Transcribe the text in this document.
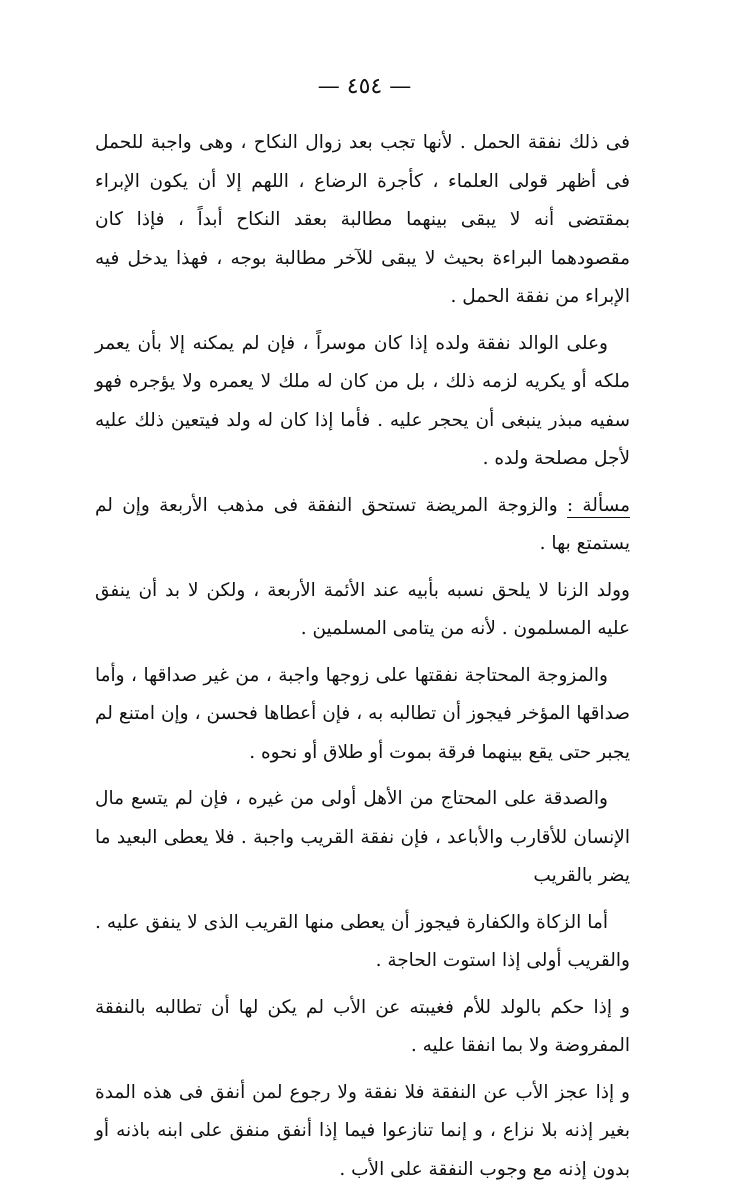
— ٤٥٤ —

فى ذلك نفقة الحمل . لأنها تجب بعد زوال النكاح ، وهى واجبة للحمل فى أظهر قولى العلماء ، كأجرة الرضاع ، اللهم إلا أن يكون الإبراء بمقتضى أنه لا يبقى بينهما مطالبة بعقد النكاح أبداً ، فإذا كان مقصودهما البراءة بحيث لا يبقى للآخر مطالبة بوجه ، فهذا يدخل فيه الإبراء من نفقة الحمل .

وعلى الوالد نفقة ولده إذا كان موسراً ، فإن لم يمكنه إلا بأن يعمر ملكه أو يكريه لزمه ذلك ، بل من كان له ملك لا يعمره ولا يؤجره فهو سفيه مبذر ينبغى أن يحجر عليه . فأما إذا كان له ولد فيتعين ذلك عليه لأجل مصلحة ولده .

مسألة : والزوجة المريضة تستحق النفقة فى مذهب الأربعة وإن لم يستمتع بها .

وولد الزنا لا يلحق نسبه بأبيه عند الأئمة الأربعة ، ولكن لا بد أن ينفق عليه المسلمون . لأنه من يتامى المسلمين .

والمزوجة المحتاجة نفقتها على زوجها واجبة ، من غير صداقها ، وأما صداقها المؤخر فيجوز أن تطالبه به ، فإن أعطاها فحسن ، وإن امتنع لم يجبر حتى يقع بينهما فرقة بموت أو طلاق أو نحوه .

والصدقة على المحتاج من الأهل أولى من غيره ، فإن لم يتسع مال الإنسان للأقارب والأباعد ، فإن نفقة القريب واجبة . فلا يعطى البعيد ما يضر بالقريب

أما الزكاة والكفارة فيجوز أن يعطى منها القريب الذى لا ينفق عليه . والقريب أولى إذا استوت الحاجة .

و إذا حكم بالولد للأم فغيبته عن الأب لم يكن لها أن تطالبه بالنفقة المفروضة ولا بما انفقا عليه .

و إذا عجز الأب عن النفقة فلا نفقة ولا رجوع لمن أنفق فى هذه المدة بغير إذنه بلا نزاع ، و إنما تنازعوا فيما إذا أنفق منفق على ابنه باذنه أو بدون إذنه مع وجوب النفقة على الأب .
